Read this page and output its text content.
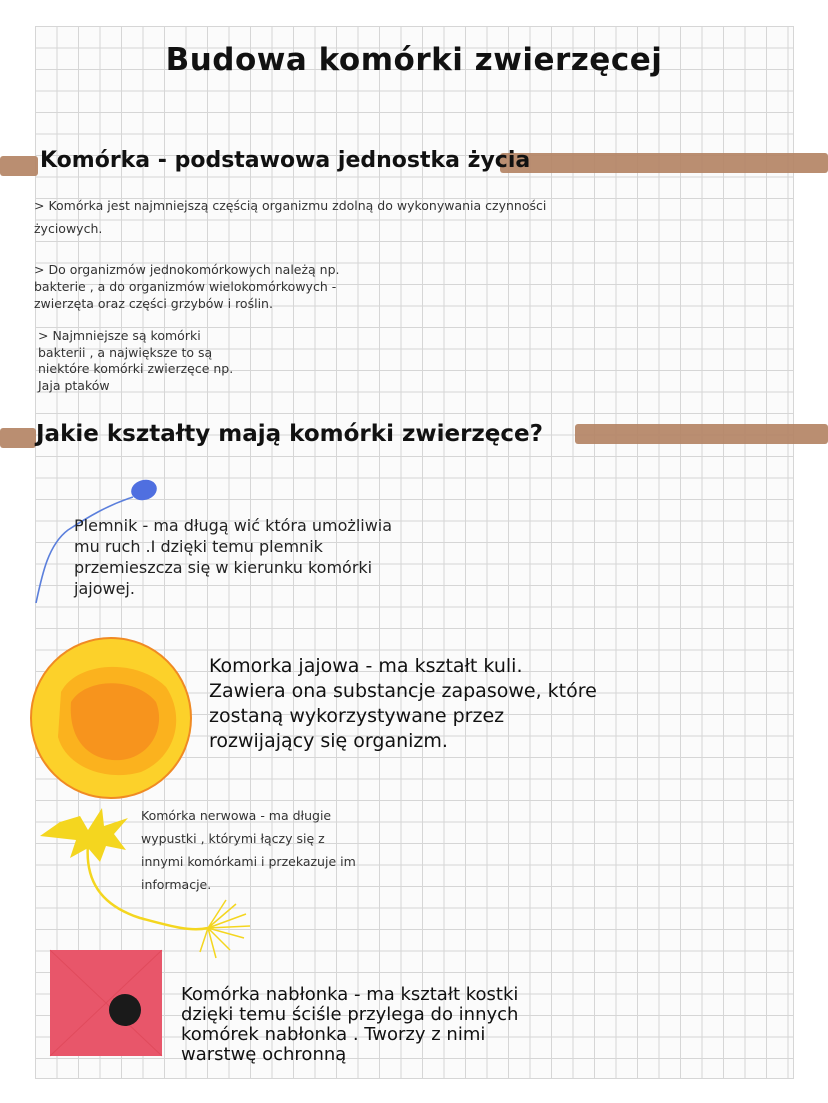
Budowa komórki zwierzęcej
Komórka - podstawowa jednostka życia
> Komórka jest najmniejszą częścią organizmu zdolną do wykonywania czynności
życiowych.
> Do organizmów jednokomórkowych należą np.
bakterie , a do organizmów wielokomórkowych -
zwierzęta oraz części grzybów i roślin.
> Najmniejsze są komórki
bakterii , a największe to są
niektóre komórki zwierzęce np.
Jaja ptaków
Jakie kształty mają komórki zwierzęce?
Plemnik - ma długą wić która umożliwia
mu ruch .I dzięki temu plemnik
przemieszcza się w kierunku komórki
jajowej.
Komorka jajowa - ma kształt kuli.
Zawiera ona substancje zapasowe, które
zostaną wykorzystywane przez
rozwijający się organizm.
Komórka nerwowa - ma długie
wypustki , którymi łączy się z
innymi komórkami i przekazuje im
informacje.
Komórka nabłonka - ma kształt kostki
dzięki temu ściśle przylega do innych
komórek nabłonka . Tworzy z nimi
warstwę ochronną
